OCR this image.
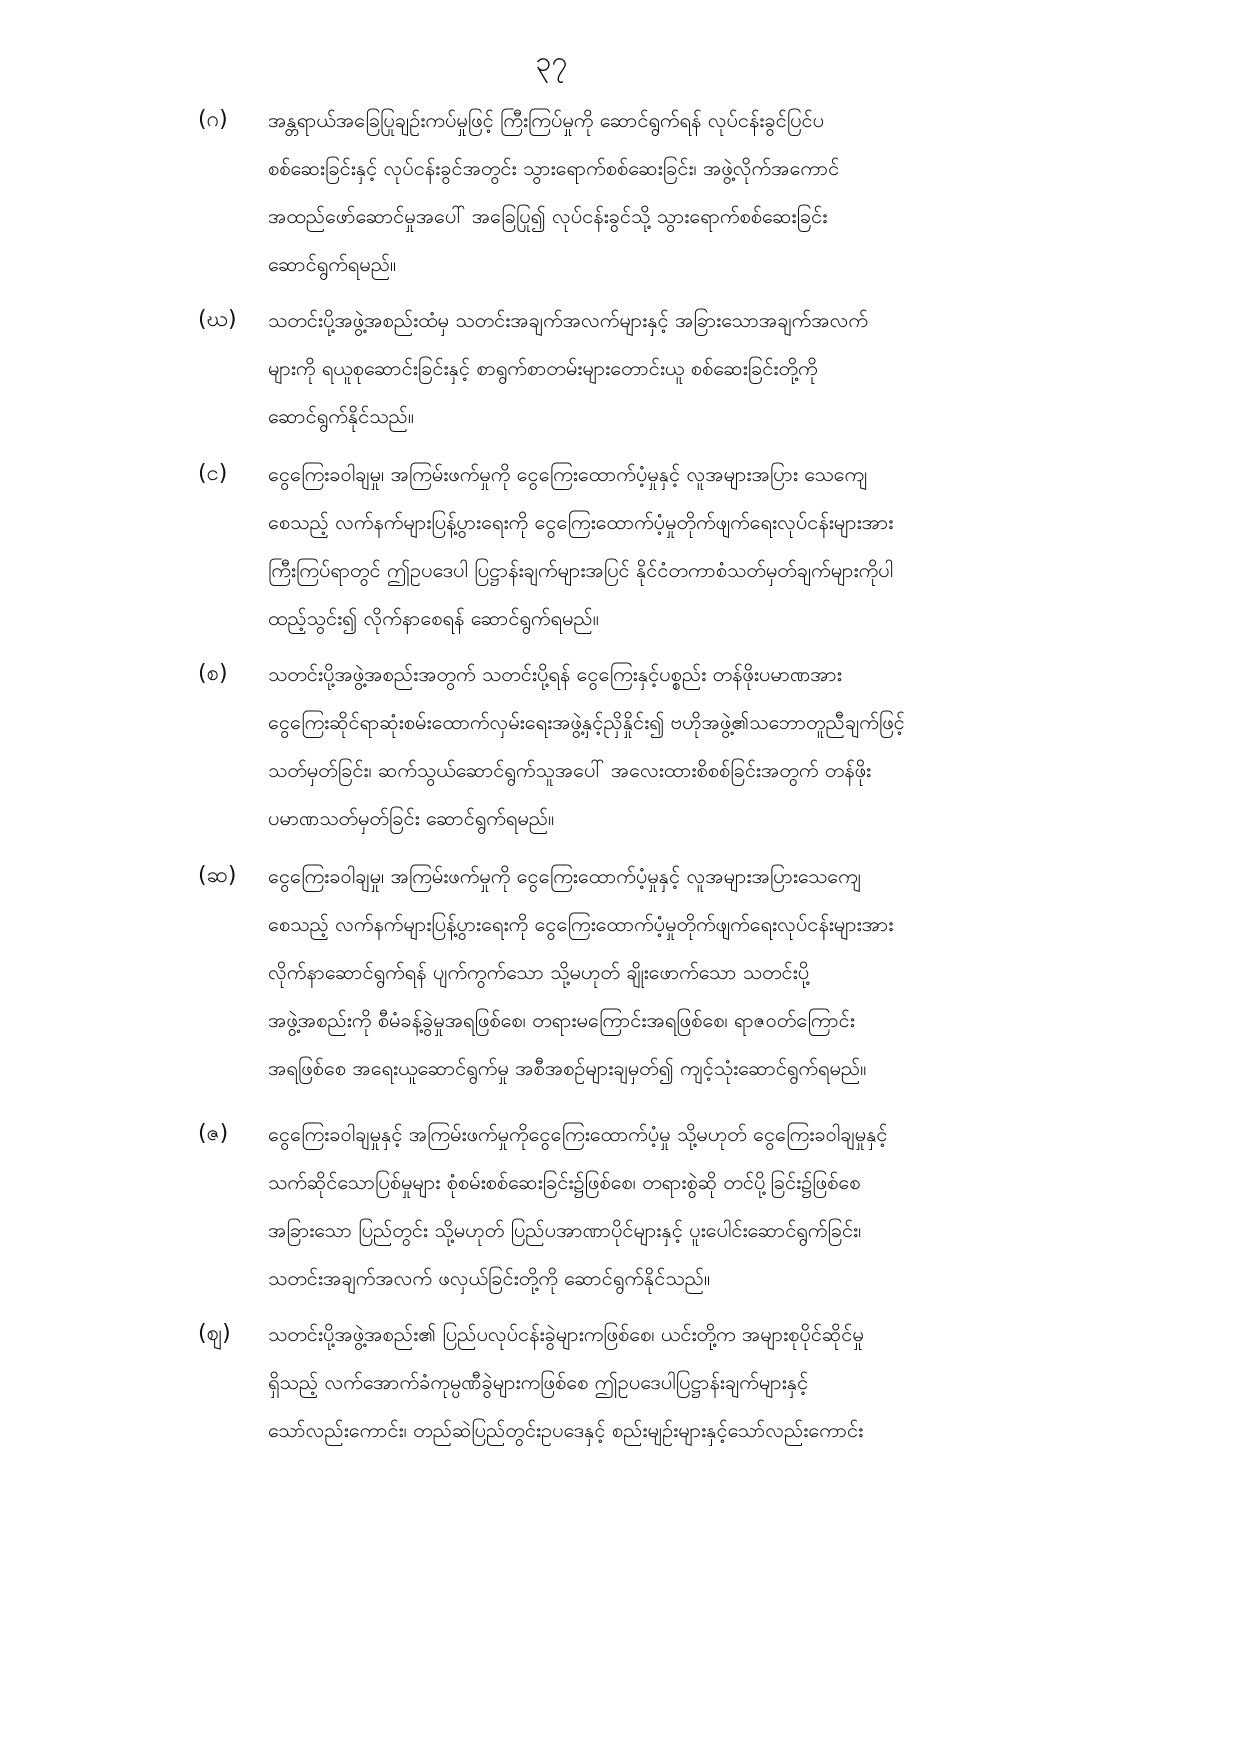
၃၇
(ဂ) အန္တရာယ်အခြေပြုချဉ်းကပ်မှုဖြင့် ကြီးကြပ်မှုကို ဆောင်ရွက်ရန် လုပ်ငန်းခွင်ပြင်ပ
စစ်ဆေးခြင်းနှင့် လုပ်ငန်းခွင်အတွင်း သွားရောက်စစ်ဆေးခြင်း၊ အဖွဲ့လိုက်အကောင်
အထည်ဖော်ဆောင်မှုအပေါ် အခြေပြု၍ လုပ်ငန်းခွင်သို့ သွားရောက်စစ်ဆေးခြင်း
ဆောင်ရွက်ရမည်။
(ဃ) သတင်းပို့အဖွဲ့အစည်းထံမှ သတင်းအချက်အလက်များနှင့် အခြားသောအချက်အလက်
များကို ရယူစုဆောင်းခြင်းနှင့် စာရွက်စာတမ်းများတောင်းယူ စစ်ဆေးခြင်းတို့ကို
ဆောင်ရွက်နိုင်သည်။
(င) ငွေကြေးခဝါချမှု၊ အကြမ်းဖက်မှုကို ငွေကြေးထောက်ပံ့မှုနှင့် လူအများအပြား သေကျေ
စေသည့် လက်နက်များပြန့်ပွားရေးကို ငွေကြေးထောက်ပံ့မှုတိုက်ဖျက်ရေးလုပ်ငန်းများအား
ကြီးကြပ်ရာတွင် ဤဥပဒေပါ ပြဋ္ဌာန်းချက်များအပြင် နိုင်ငံတကာစံသတ်မှတ်ချက်များကိုပါ
ထည့်သွင်း၍ လိုက်နာစေရန် ဆောင်ရွက်ရမည်။
(စ) သတင်းပို့အဖွဲ့အစည်းအတွက် သတင်းပို့ရန် ငွေကြေးနှင့်ပစ္စည်း တန်ဖိုးပမာဏအား
ငွေကြေးဆိုင်ရာဆုံးစမ်းထောက်လှမ်းရေးအဖွဲ့နှင့်ညှိနှိုင်း၍ ဗဟိုအဖွဲ့၏သဘောတူညီချက်ဖြင့်
သတ်မှတ်ခြင်း၊ ဆက်သွယ်ဆောင်ရွက်သူအပေါ် အလေးထားစိစစ်ခြင်းအတွက် တန်ဖိုး
ပမာဏသတ်မှတ်ခြင်း ဆောင်ရွက်ရမည်။
(ဆ) ငွေကြေးခဝါချမှု၊ အကြမ်းဖက်မှုကို ငွေကြေးထောက်ပံ့မှုနှင့် လူအများအပြားသေကျေ
စေသည့် လက်နက်များပြန့်ပွားရေးကို ငွေကြေးထောက်ပံ့မှုတိုက်ဖျက်ရေးလုပ်ငန်းများအား
လိုက်နာဆောင်ရွက်ရန် ပျက်ကွက်သော သို့မဟုတ် ချိုးဖောက်သော သတင်းပို့
အဖွဲ့အစည်းကို စီမံခန့်ခွဲမှုအရဖြစ်စေ၊ တရားမကြောင်းအရဖြစ်စေ၊ ရာဇဝတ်ကြောင်း
အရဖြစ်စေ အရေးယူဆောင်ရွက်မှု အစီအစဉ်များချမှတ်၍ ကျင့်သုံးဆောင်ရွက်ရမည်။
(ဇ) ငွေကြေးခဝါချမှုနှင့် အကြမ်းဖက်မှုကိုငွေကြေးထောက်ပံ့မှု သို့မဟုတ် ငွေကြေးခဝါချမှုနှင့်
သက်ဆိုင်သောပြစ်မှုများ စုံစမ်းစစ်ဆေးခြင်း၌ဖြစ်စေ၊ တရားစွဲဆို တင်ပို့ခြင်း၌ဖြစ်စေ
အခြားသော ပြည်တွင်း သို့မဟုတ် ပြည်ပအာဏာပိုင်များနှင့် ပူးပေါင်းဆောင်ရွက်ခြင်း၊
သတင်းအချက်အလက် ဖလှယ်ခြင်းတို့ကို ဆောင်ရွက်နိုင်သည်။
(ဈ) သတင်းပို့အဖွဲ့အစည်း၏ ပြည်ပလုပ်ငန်းခွဲများကဖြစ်စေ၊ ယင်းတို့က အများစုပိုင်ဆိုင်မှု
ရှိသည့် လက်အောက်ခံကုမ္ပဏီခွဲများကဖြစ်စေ ဤဥပဒေပါပြဋ္ဌာန်းချက်များနှင့်
သော်လည်းကောင်း၊ တည်ဆဲပြည်တွင်းဥပဒေနှင့် စည်းမျဉ်းများနှင့်သော်လည်းကောင်း
